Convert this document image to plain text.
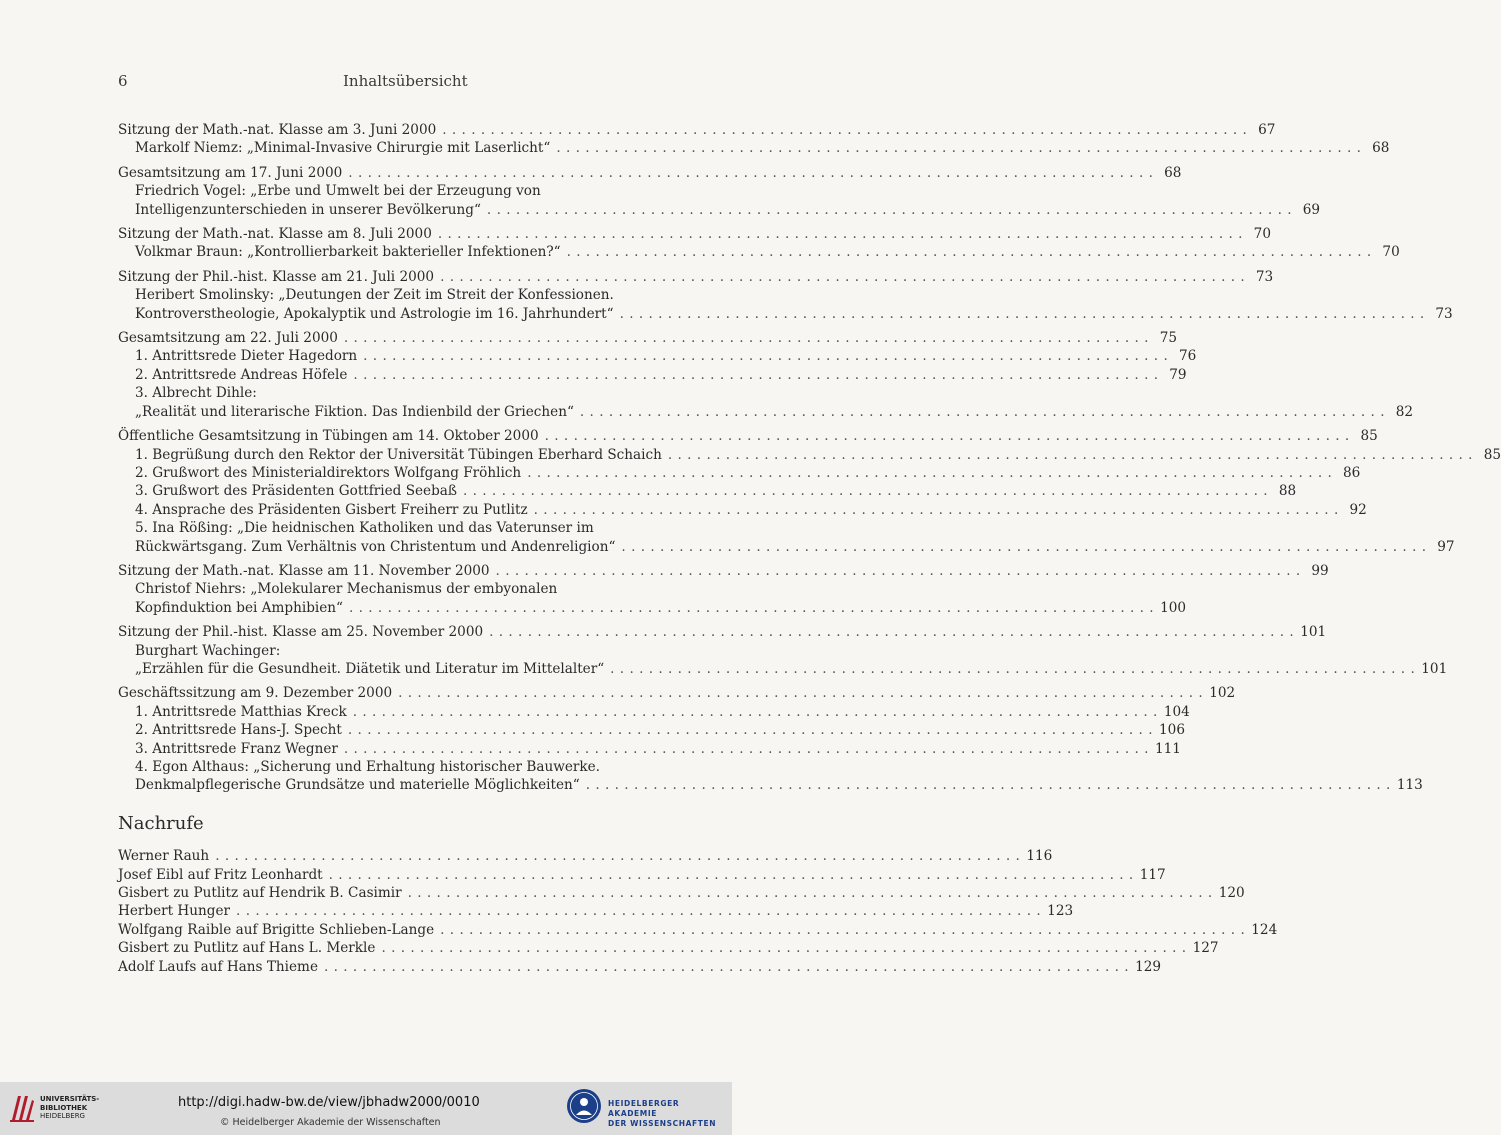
6	Inhaltsübersicht
Sitzung der Math.-nat. Klasse am 3. Juni 2000 . . .	67
Markolf Niemz: „Minimal-Invasive Chirurgie mit Laserlicht“ . . .	68
Gesamtsitzung am 17. Juni 2000 . . .	68
Friedrich Vogel: „Erbe und Umwelt bei der Erzeugung von
Intelligenzunterschieden in unserer Bevölkerung“ . . .	69
Sitzung der Math.-nat. Klasse am 8. Juli 2000 . . .	70
Volkmar Braun: „Kontrollierbarkeit bakterieller Infektionen?“ . . .	70
Sitzung der Phil.-hist. Klasse am 21. Juli 2000 . . .	73
Heribert Smolinsky: „Deutungen der Zeit im Streit der Konfessionen.
Kontroverstheologie, Apokalyptik und Astrologie im 16. Jahrhundert“ . . .	73
Gesamtsitzung am 22. Juli 2000 . . .	75
1. Antrittsrede Dieter Hagedorn . . .	76
2. Antrittsrede Andreas Höfele . . .	79
3. Albrecht Dihle:
„Realität und literarische Fiktion. Das Indienbild der Griechen“ . . .	82
Öffentliche Gesamtsitzung in Tübingen am 14. Oktober 2000 . . .	85
1. Begrüßung durch den Rektor der Universität Tübingen Eberhard Schaich . . .	85
2. Grußwort des Ministerialdirektors Wolfgang Fröhlich . . .	86
3. Grußwort des Präsidenten Gottfried Seebaß . . .	88
4. Ansprache des Präsidenten Gisbert Freiherr zu Putlitz . . .	92
5. Ina Rößing: „Die heidnischen Katholiken und das Vaterunser im
Rückwärtsgang. Zum Verhältnis von Christentum und Andenreligion“ . . .	97
Sitzung der Math.-nat. Klasse am 11. November 2000 . . .	99
Christof Niehrs: „Molekularer Mechanismus der embyonalen
Kopfinduktion bei Amphibien“ . . .	100
Sitzung der Phil.-hist. Klasse am 25. November 2000 . . .	101
Burghart Wachinger:
„Erzählen für die Gesundheit. Diätetik und Literatur im Mittelalter“ . . .	101
Geschäftssitzung am 9. Dezember 2000 . . .	102
1. Antrittsrede Matthias Kreck . . .	104
2. Antrittsrede Hans-J. Specht . . .	106
3. Antrittsrede Franz Wegner . . .	111
4. Egon Althaus: „Sicherung und Erhaltung historischer Bauwerke.
Denkmalpflegerische Grundsätze und materielle Möglichkeiten“ . . .	113
Nachrufe
Werner Rauh . . .	116
Josef Eibl auf Fritz Leonhardt . . .	117
Gisbert zu Putlitz auf Hendrik B. Casimir . . .	120
Herbert Hunger . . .	123
Wolfgang Raible auf Brigitte Schlieben-Lange . . .	124
Gisbert zu Putlitz auf Hans L. Merkle . . .	127
Adolf Laufs auf Hans Thieme . . .	129
UNIVERSITÄTS-
BIBLIOTHEK
HEIDELBERG
http://digi.hadw-bw.de/view/jbhadw2000/0010
© Heidelberger Akademie der Wissenschaften
HEIDELBERGER AKADEMIE
DER WISSENSCHAFTEN
